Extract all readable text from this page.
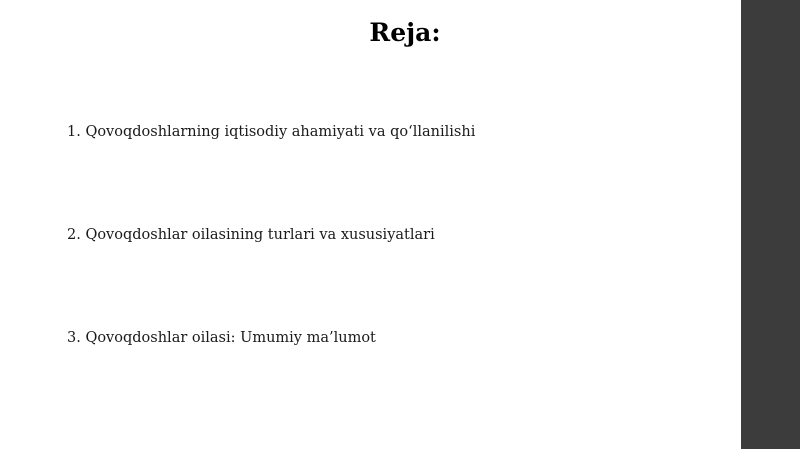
Reja:
1. Qovoqdoshlarning iqtisodiy ahamiyati va qo‘llanilishi
2. Qovoqdoshlar oilasining turlari va xususiyatlari
3. Qovoqdoshlar oilasi: Umumiy ma’lumot
